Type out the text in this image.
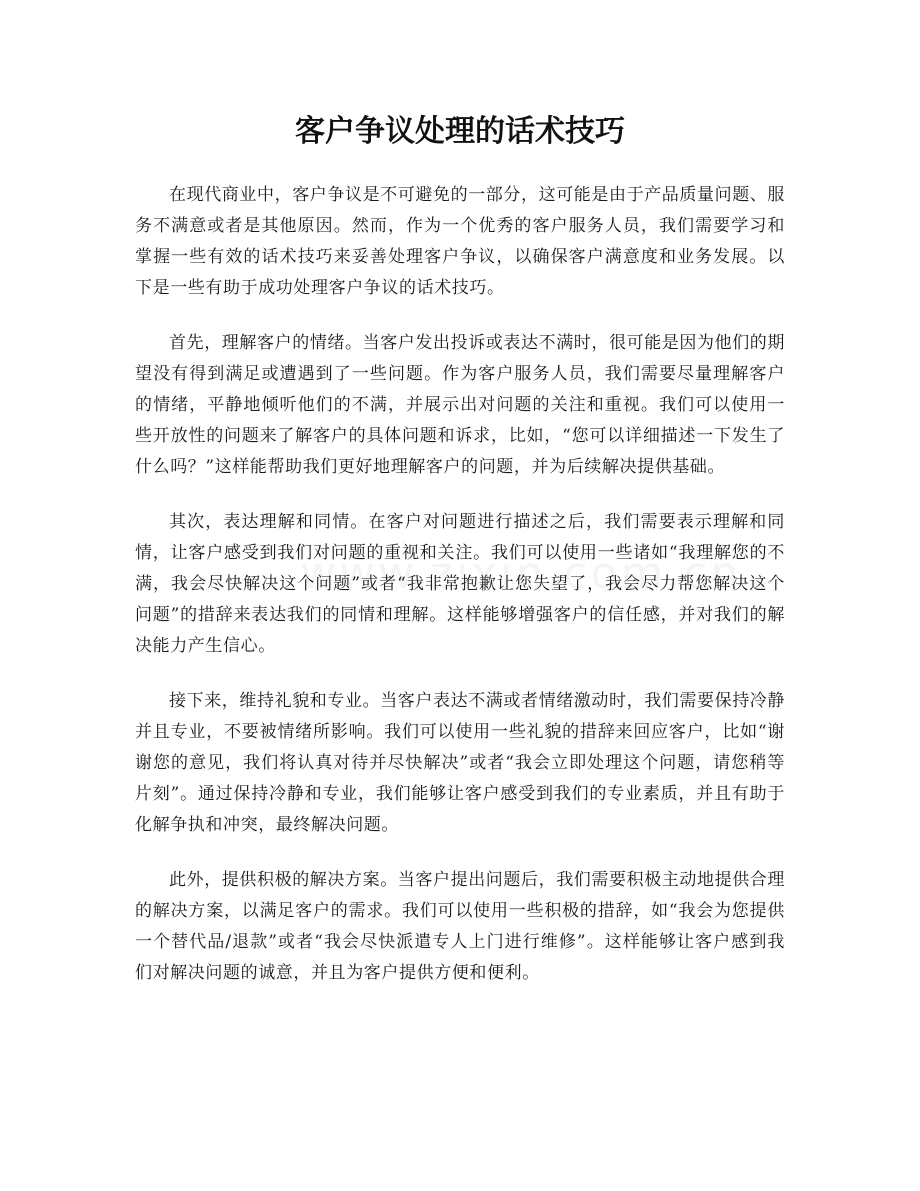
客户争议处理的话术技巧

在现代商业中，客户争议是不可避免的一部分，这可能是由于产品质量问题、服务不满意或者是其他原因。然而，作为一个优秀的客户服务人员，我们需要学习和掌握一些有效的话术技巧来妥善处理客户争议，以确保客户满意度和业务发展。以下是一些有助于成功处理客户争议的话术技巧。

首先，理解客户的情绪。当客户发出投诉或表达不满时，很可能是因为他们的期望没有得到满足或遭遇到了一些问题。作为客户服务人员，我们需要尽量理解客户的情绪，平静地倾听他们的不满，并展示出对问题的关注和重视。我们可以使用一些开放性的问题来了解客户的具体问题和诉求，比如，“您可以详细描述一下发生了什么吗？”这样能帮助我们更好地理解客户的问题，并为后续解决提供基础。

其次，表达理解和同情。在客户对问题进行描述之后，我们需要表示理解和同情，让客户感受到我们对问题的重视和关注。我们可以使用一些诸如“我理解您的不满，我会尽快解决这个问题”或者“我非常抱歉让您失望了，我会尽力帮您解决这个问题”的措辞来表达我们的同情和理解。这样能够增强客户的信任感，并对我们的解决能力产生信心。

接下来，维持礼貌和专业。当客户表达不满或者情绪激动时，我们需要保持冷静并且专业，不要被情绪所影响。我们可以使用一些礼貌的措辞来回应客户，比如“谢谢您的意见，我们将认真对待并尽快解决”或者“我会立即处理这个问题，请您稍等片刻”。通过保持冷静和专业，我们能够让客户感受到我们的专业素质，并且有助于化解争执和冲突，最终解决问题。

此外，提供积极的解决方案。当客户提出问题后，我们需要积极主动地提供合理的解决方案，以满足客户的需求。我们可以使用一些积极的措辞，如“我会为您提供一个替代品/退款”或者“我会尽快派遣专人上门进行维修”。这样能够让客户感到我们对解决问题的诚意，并且为客户提供方便和便利。
